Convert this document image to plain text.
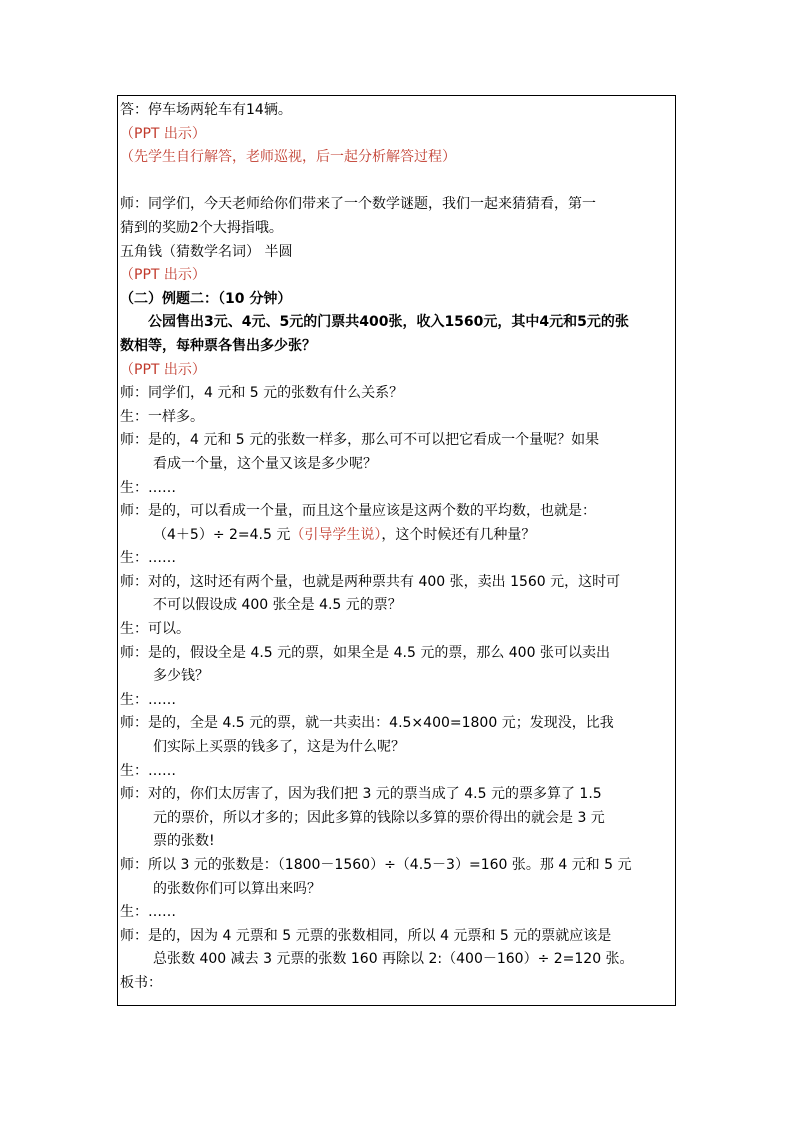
答：停车场两轮车有14辆。
（PPT 出示）
（先学生自行解答，老师巡视，后一起分析解答过程）
师：同学们，今天老师给你们带来了一个数学谜题，我们一起来猜猜看，第一
猜到的奖励2个大拇指哦。
五角钱（猜数学名词） 半圆
（PPT 出示）
（二）例题二：（10 分钟）
公园售出3元、4元、5元的门票共400张，收入1560元，其中4元和5元的张
数相等，每种票各售出多少张？
（PPT 出示）
师：同学们，4 元和 5 元的张数有什么关系？
生：一样多。
师：是的，4 元和 5 元的张数一样多，那么可不可以把它看成一个量呢？如果
看成一个量，这个量又该是多少呢？
生：……
师：是的，可以看成一个量，而且这个量应该是这两个数的平均数，也就是：
（4＋5）÷ 2=4.5 元（引导学生说），这个时候还有几种量？
生：……
师：对的，这时还有两个量，也就是两种票共有 400 张，卖出 1560 元，这时可
不可以假设成 400 张全是 4.5 元的票？
生：可以。
师：是的，假设全是 4.5 元的票，如果全是 4.5 元的票，那么 400 张可以卖出
多少钱？
生：……
师：是的，全是 4.5 元的票，就一共卖出：4.5×400=1800 元；发现没，比我
们实际上买票的钱多了，这是为什么呢？
生：……
师：对的，你们太厉害了，因为我们把 3 元的票当成了 4.5 元的票多算了 1.5
元的票价，所以才多的；因此多算的钱除以多算的票价得出的就会是 3 元
票的张数!
师：所以 3 元的张数是：（1800－1560）÷（4.5－3）=160 张。那 4 元和 5 元
的张数你们可以算出来吗？
生：……
师：是的，因为 4 元票和 5 元票的张数相同，所以 4 元票和 5 元的票就应该是
总张数 400 减去 3 元票的张数 160 再除以 2:（400－160）÷ 2=120 张。
板书：
